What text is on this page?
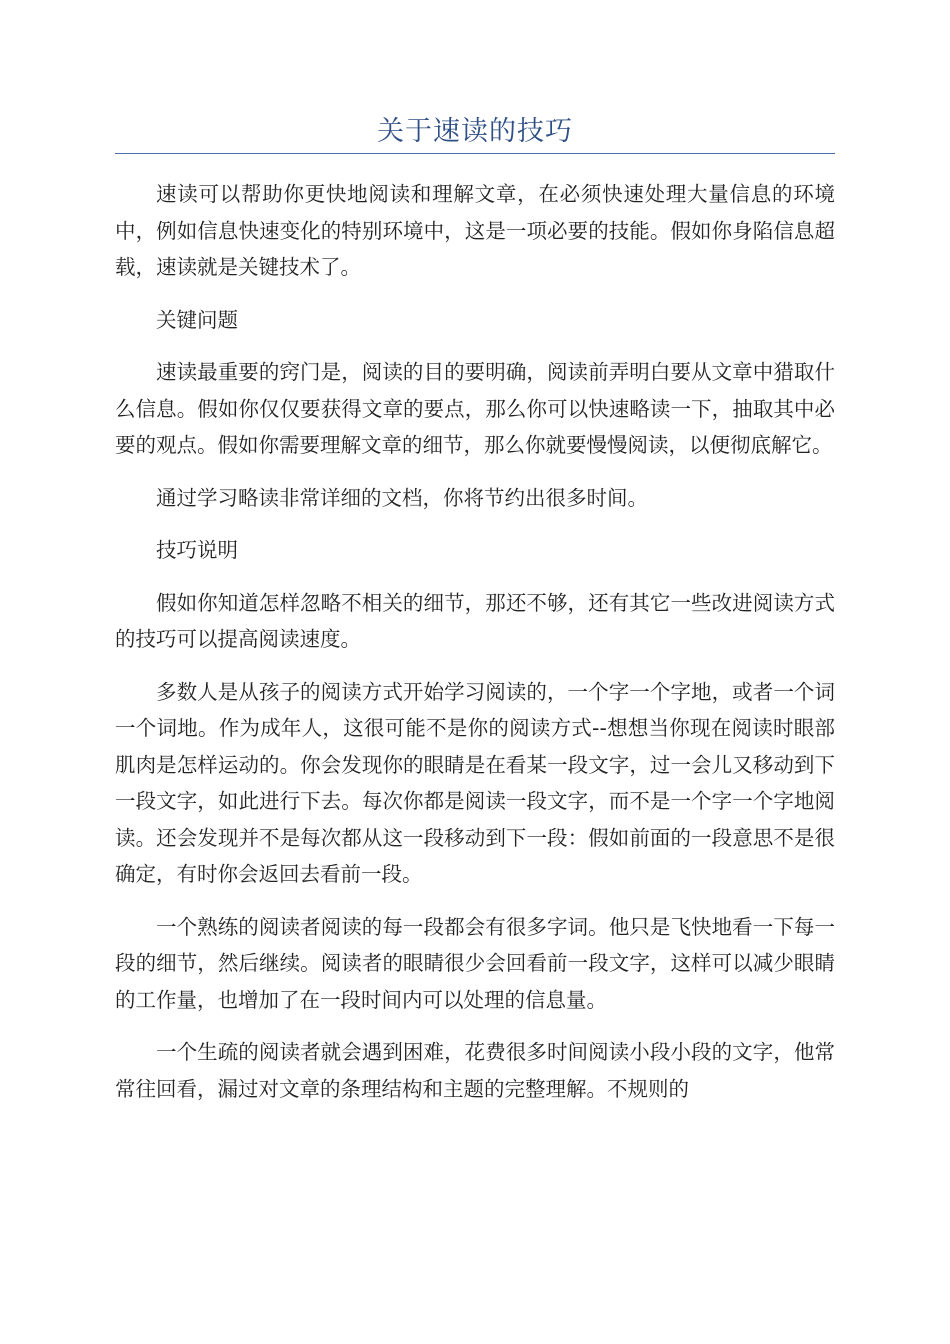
关于速读的技巧

速读可以帮助你更快地阅读和理解文章，在必须快速处理大量信息的环境中，例如信息快速变化的特别环境中，这是一项必要的技能。假如你身陷信息超载，速读就是关键技术了。

关键问题

速读最重要的窍门是，阅读的目的要明确，阅读前弄明白要从文章中猎取什么信息。假如你仅仅要获得文章的要点，那么你可以快速略读一下，抽取其中必要的观点。假如你需要理解文章的细节，那么你就要慢慢阅读，以便彻底解它。

通过学习略读非常详细的文档，你将节约出很多时间。

技巧说明

假如你知道怎样忽略不相关的细节，那还不够，还有其它一些改进阅读方式的技巧可以提高阅读速度。

多数人是从孩子的阅读方式开始学习阅读的，一个字一个字地，或者一个词一个词地。作为成年人，这很可能不是你的阅读方式--想想当你现在阅读时眼部肌肉是怎样运动的。你会发现你的眼睛是在看某一段文字，过一会儿又移动到下一段文字，如此进行下去。每次你都是阅读一段文字，而不是一个字一个字地阅读。还会发现并不是每次都从这一段移动到下一段：假如前面的一段意思不是很确定，有时你会返回去看前一段。

一个熟练的阅读者阅读的每一段都会有很多字词。他只是飞快地看一下每一段的细节，然后继续。阅读者的眼睛很少会回看前一段文字，这样可以减少眼睛的工作量，也增加了在一段时间内可以处理的信息量。

一个生疏的阅读者就会遇到困难，花费很多时间阅读小段小段的文字，他常常往回看，漏过对文章的条理结构和主题的完整理解。不规则的
